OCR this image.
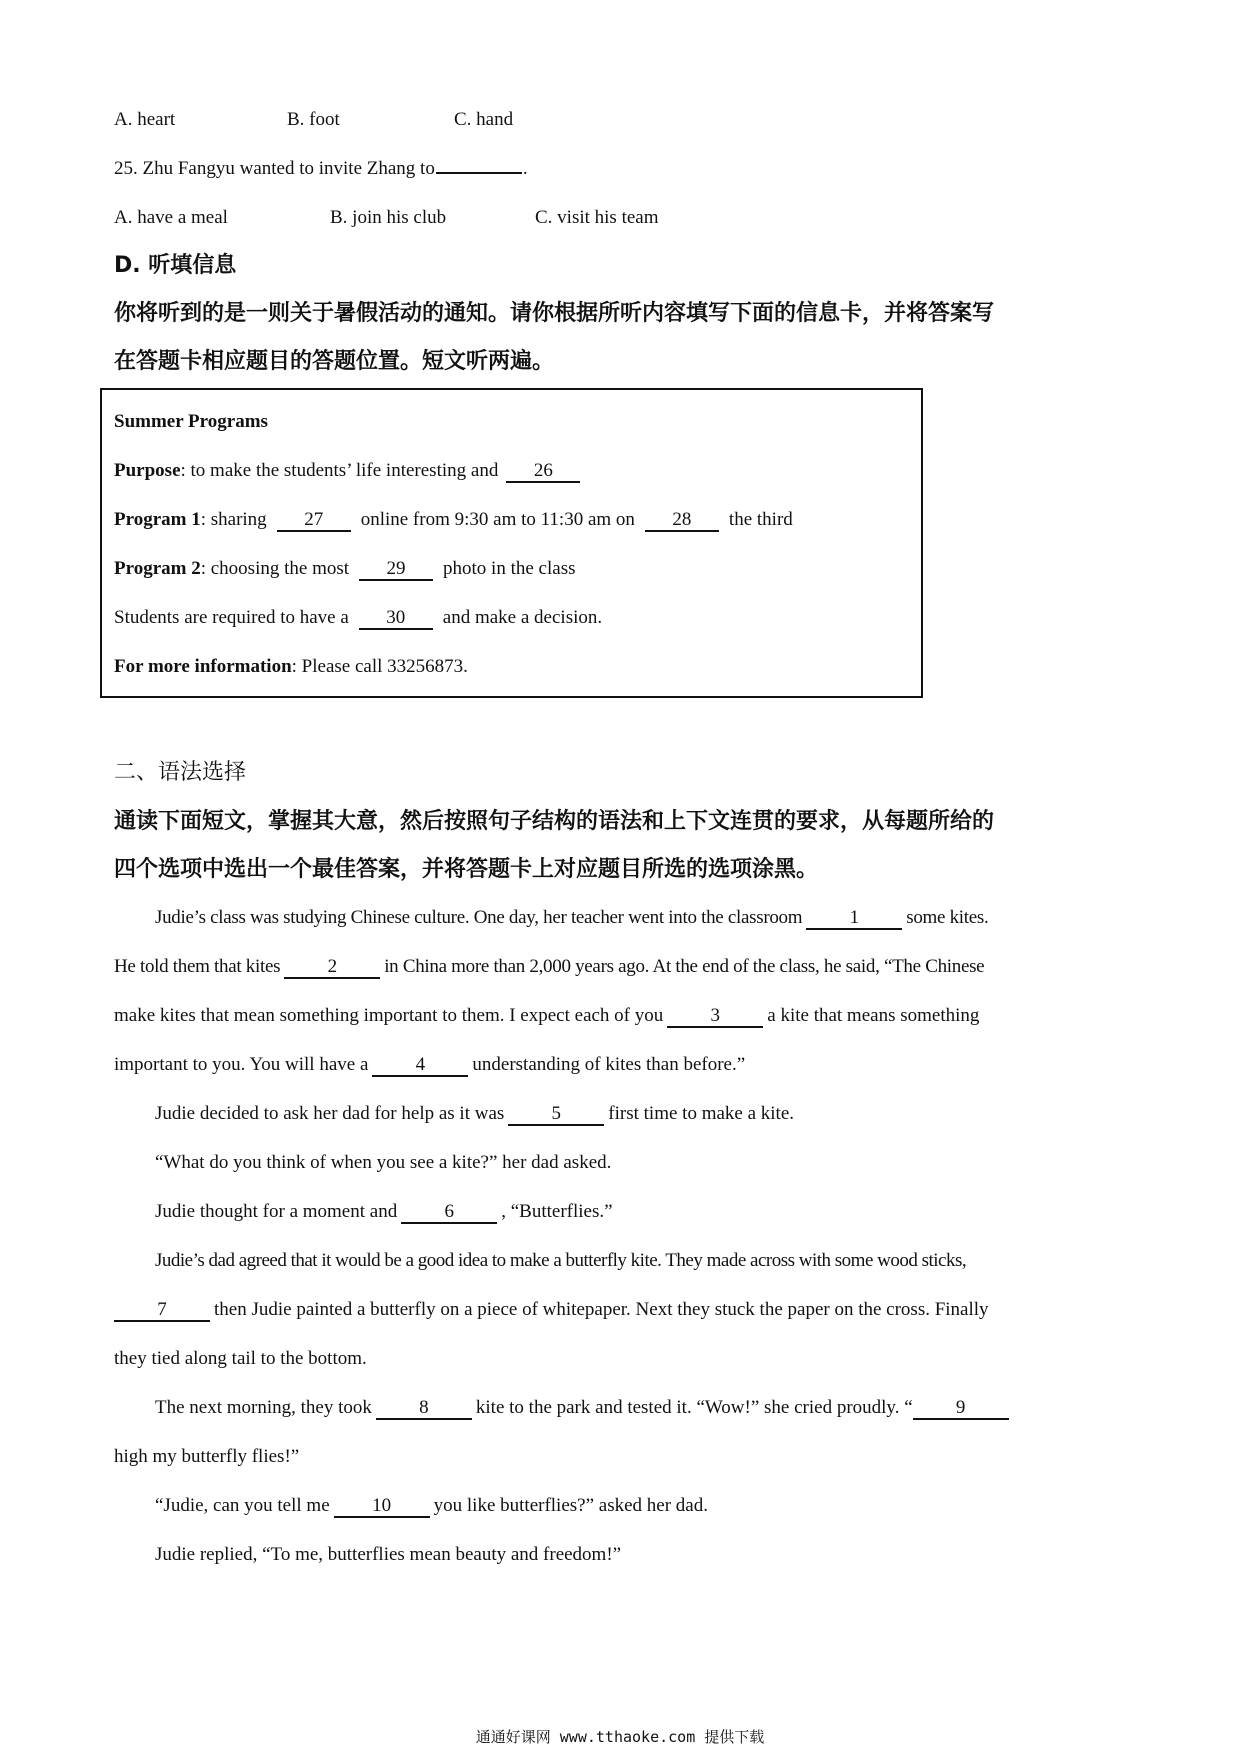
A. heart	B. foot	C. hand
25. Zhu Fangyu wanted to invite Zhang to	.
A. have a meal	B. join his club	C. visit his team
D. 听填信息
你将听到的是一则关于暑假活动的通知。请你根据所听内容填写下面的信息卡，并将答案写
在答题卡相应题目的答题位置。短文听两遍。
Summer Programs
Purpose: to make the students’ life interesting and 26
Program 1: sharing 27 online from 9:30 am to 11:30 am on 28 the third
Program 2: choosing the most 29 photo in the class
Students are required to have a 30 and make a decision.
For more information: Please call 33256873.
二、语法选择
通读下面短文，掌握其大意，然后按照句子结构的语法和上下文连贯的要求，从每题所给的
四个选项中选出一个最佳答案，并将答题卡上对应题目所选的选项涂黑。
Judie’s class was studying Chinese culture. One day, her teacher went into the classroom 1 some kites.
He told them that kites 2 in China more than 2,000 years ago. At the end of the class, he said, “The Chinese
make kites that mean something important to them. I expect each of you 3 a kite that means something
important to you. You will have a 4 understanding of kites than before.”
Judie decided to ask her dad for help as it was 5 first time to make a kite.
“What do you think of when you see a kite?” her dad asked.
Judie thought for a moment and 6 , “Butterflies.”
Judie’s dad agreed that it would be a good idea to make a butterfly kite. They made across with some wood sticks,
7 then Judie painted a butterfly on a piece of whitepaper. Next they stuck the paper on the cross. Finally
they tied along tail to the bottom.
The next morning, they took 8 kite to the park and tested it. “Wow!” she cried proudly. “ 9
high my butterfly flies!”
“Judie, can you tell me 10 you like butterflies?” asked her dad.
Judie replied, “To me, butterflies mean beauty and freedom!”
通通好课网 www.tthaoke.com 提供下载
